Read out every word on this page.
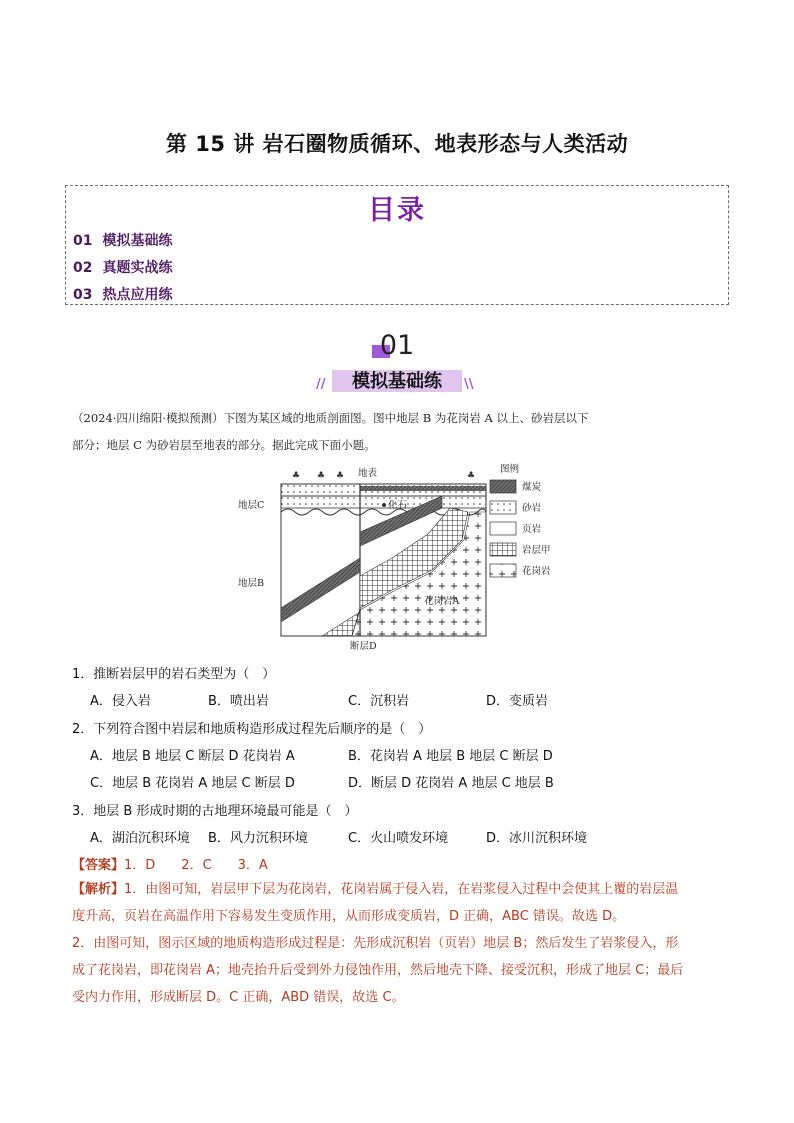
第 15 讲 岩石圈物质循环、地表形态与人类活动
目录
01 模拟基础练
02 真题实战练
03 热点应用练
01
//	模拟基础练	\\
（2024·四川绵阳·模拟预测）下图为某区域的地质剖面图。图中地层 B 为花岗岩 A 以上、砂岩层以下
部分；地层 C 为砂岩层至地表的部分。据此完成下面小题。
♣ ♣ ♣	♣
地表
地层C
地层B
化石
花岗岩A
断层D
图例
煤炭
砂岩
页岩
岩层甲
花岗岩
1．推断岩层甲的岩石类型为（　）
A．侵入岩	B．喷出岩	C．沉积岩	D．变质岩
2．下列符合图中岩层和地质构造形成过程先后顺序的是（　）
A．地层 B 地层 C 断层 D 花岗岩 A	B．花岗岩 A 地层 B 地层 C 断层 D
C．地层 B 花岗岩 A 地层 C 断层 D	D．断层 D 花岗岩 A 地层 C 地层 B
3．地层 B 形成时期的古地理环境最可能是（　）
A．湖泊沉积环境 B．风力沉积环境	C．火山喷发环境	D．冰川沉积环境
【答案】1．D　　2．C　　3．A
【解析】1．由图可知，岩层甲下层为花岗岩，花岗岩属于侵入岩，在岩浆侵入过程中会使其上覆的岩层温
度升高，页岩在高温作用下容易发生变质作用，从而形成变质岩，D 正确，ABC 错误。故选 D。
2．由图可知，图示区域的地质构造形成过程是：先形成沉积岩（页岩）地层 B；然后发生了岩浆侵入，形
成了花岗岩，即花岗岩 A；地壳抬升后受到外力侵蚀作用，然后地壳下降、接受沉积，形成了地层 C；最后
受内力作用，形成断层 D。C 正确，ABD 错误，故选 C。
